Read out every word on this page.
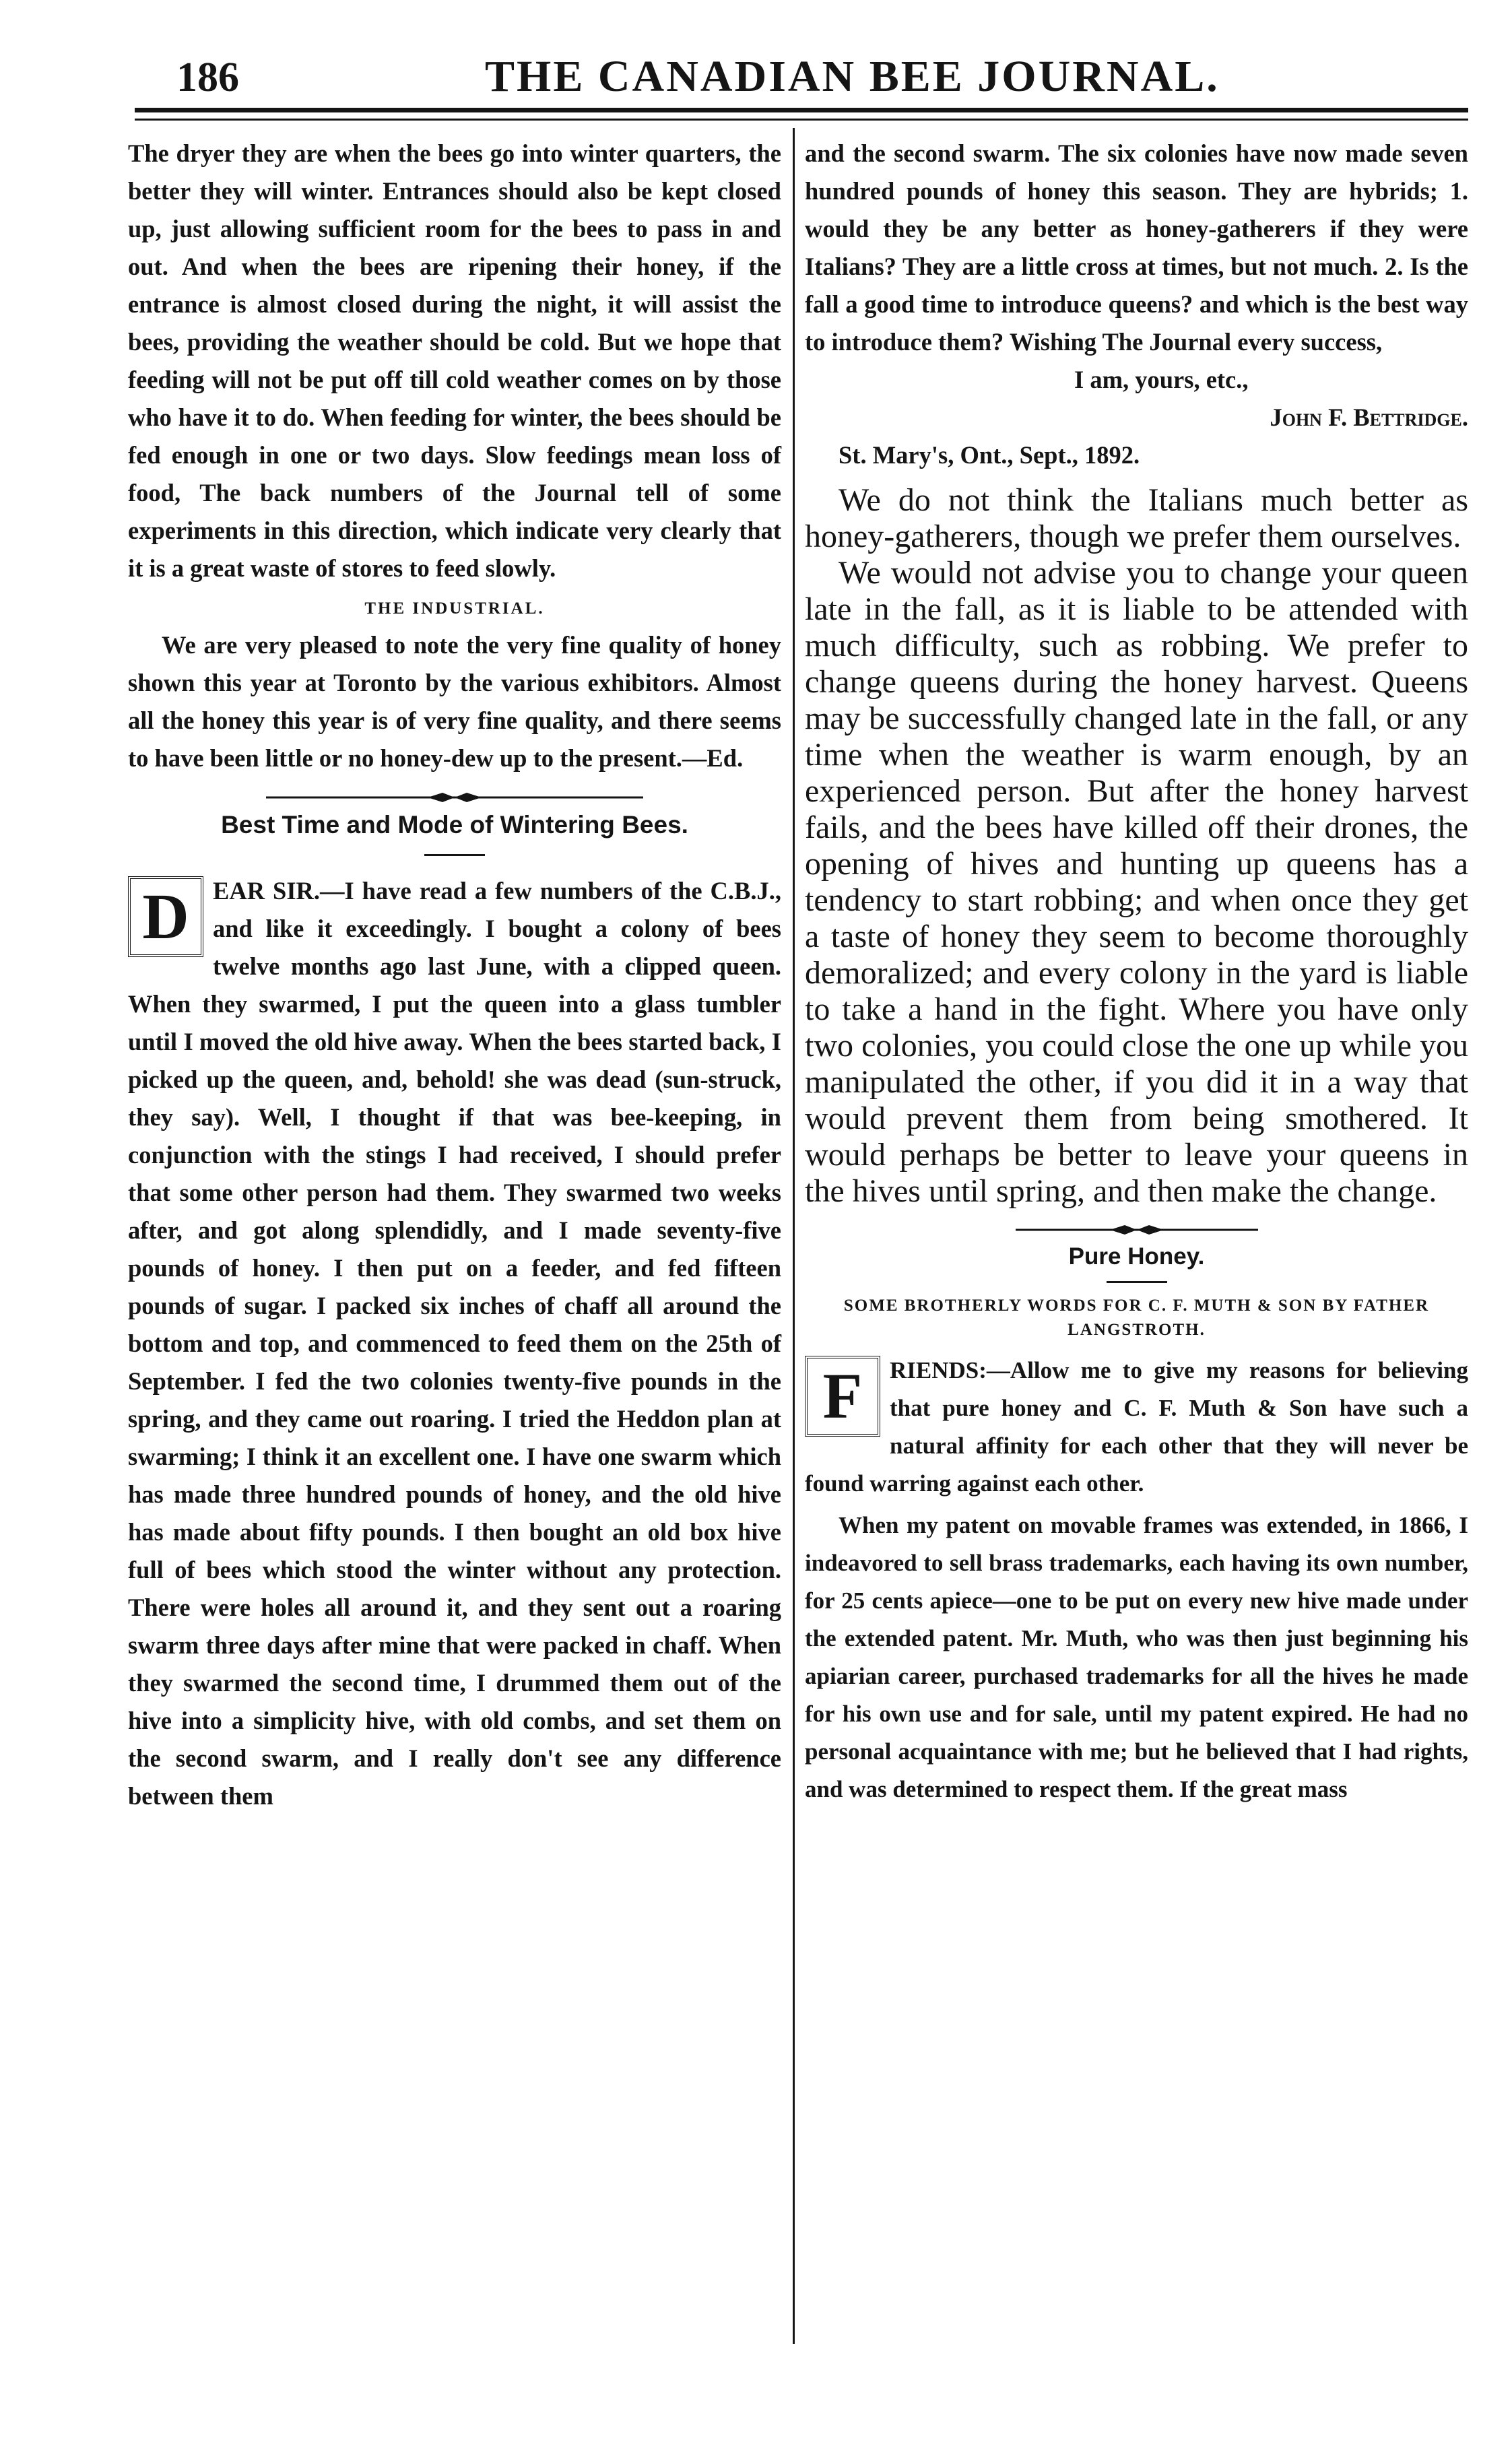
186	THE CANADIAN BEE JOURNAL.

The dryer they are when the bees go into winter quarters, the better they will winter. Entrances should also be kept closed up, just allowing sufficient room for the bees to pass in and out. And when the bees are ripening their honey, if the entrance is almost closed during the night, it will assist the bees, providing the weather should be cold. But we hope that feeding will not be put off till cold weather comes on by those who have it to do. When feeding for winter, the bees should be fed enough in one or two days. Slow feedings mean loss of food, The back numbers of the Journal tell of some experiments in this direction, which indicate very clearly that it is a great waste of stores to feed slowly.

THE INDUSTRIAL.

We are very pleased to note the very fine quality of honey shown this year at Toronto by the various exhibitors. Almost all the honey this year is of very fine quality, and there seems to have been little or no honey-dew up to the present.—Ed.

Best Time and Mode of Wintering Bees.
D EAR SIR.—I have read a few numbers of the C.B.J., and like it exceedingly. I bought a colony of bees twelve months ago last June, with a clipped queen. When they swarmed, I put the queen into a glass tumbler until I moved the old hive away. When the bees started back, I picked up the queen, and, behold! she was dead (sun-struck, they say). Well, I thought if that was bee-keeping, in conjunction with the stings I had received, I should prefer that some other person had them. They swarmed two weeks after, and got along splendidly, and I made seventy-five pounds of honey. I then put on a feeder, and fed fifteen pounds of sugar. I packed six inches of chaff all around the bottom and top, and commenced to feed them on the 25th of September. I fed the two colonies twenty-five pounds in the spring, and they came out roaring. I tried the Heddon plan at swarming; I think it an excellent one. I have one swarm which has made three hundred pounds of honey, and the old hive has made about fifty pounds. I then bought an old box hive full of bees which stood the winter without any protection. There were holes all around it, and they sent out a roaring swarm three days after mine that were packed in chaff. When they swarmed the second time, I drummed them out of the hive into a simplicity hive, with old combs, and set them on the second swarm, and I really don't see any difference between them

and the second swarm. The six colonies have now made seven hundred pounds of honey this season. They are hybrids; 1. would they be any better as honey-gatherers if they were Italians? They are a little cross at times, but not much. 2. Is the fall a good time to introduce queens? and which is the best way to introduce them? Wishing The Journal every success,

I am, yours, etc.,

John F. Bettridge.

St. Mary's, Ont., Sept., 1892.

We do not think the Italians much better as honey-gatherers, though we prefer them ourselves.

We would not advise you to change your queen late in the fall, as it is liable to be attended with much difficulty, such as robbing. We prefer to change queens during the honey harvest. Queens may be successfully changed late in the fall, or any time when the weather is warm enough, by an experienced person. But after the honey harvest fails, and the bees have killed off their drones, the opening of hives and hunting up queens has a tendency to start robbing; and when once they get a taste of honey they seem to become thoroughly demoralized; and every colony in the yard is liable to take a hand in the fight. Where you have only two colonies, you could close the one up while you manipulated the other, if you did it in a way that would prevent them from being smothered. It would perhaps be better to leave your queens in the hives until spring, and then make the change.

Pure Honey.
SOME BROTHERLY WORDS FOR C. F. MUTH & SON BY FATHER LANGSTROTH.
F	RIENDS:—Allow me to give my reasons for believing that pure honey and C. F. Muth & Son have such a natural affinity for each other that they will never be found warring against each other.

When my patent on movable frames was extended, in 1866, I indeavored to sell brass trademarks, each having its own number, for 25 cents apiece—one to be put on every new hive made under the extended patent. Mr. Muth, who was then just beginning his apiarian career, purchased trademarks for all the hives he made for his own use and for sale, until my patent expired. He had no personal acquaintance with me; but he believed that I had rights, and was determined to respect them. If the great mass
